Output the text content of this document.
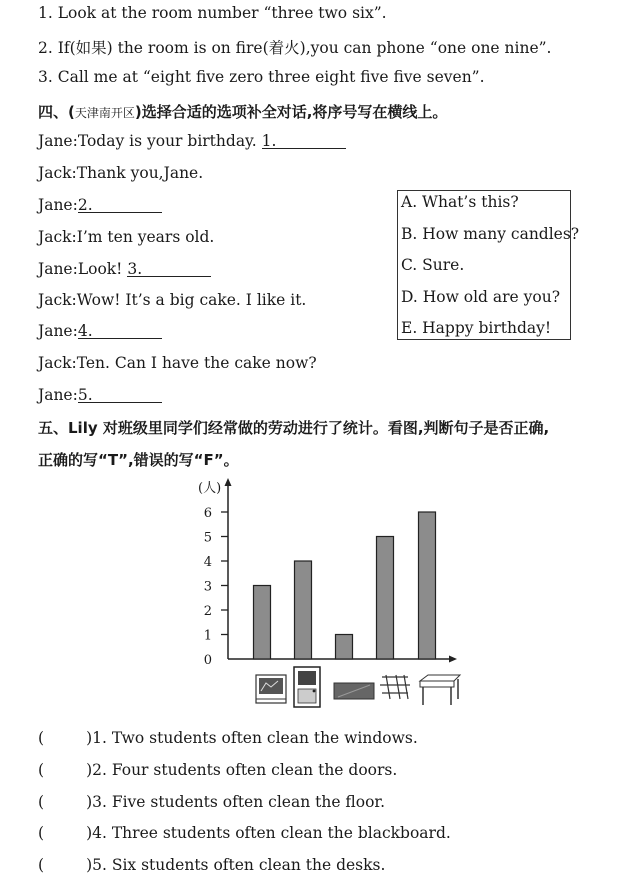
1. Look at the room number “three two six”.
2. If(如果) the room is on fire(着火),you can phone “one one nine”.
3. Call me at “eight five zero three eight five five seven”.
四、(天津南开区)选择合适的选项补全对话,将序号写在横线上。
Jane:Today is your birthday. 1.
Jack:Thank you,Jane.
Jane:2.
Jack:I’m ten years old.
Jane:Look! 3.
Jack:Wow! It’s a big cake. I like it.
Jane:4.
Jack:Ten. Can I have the cake now?
Jane:5.
A. What’s this?
B. How many candles?
C. Sure.
D. How old are you?
E. Happy birthday!
五、Lily 对班级里同学们经常做的劳动进行了统计。看图,判断句子是否正确,
正确的写“T”,错误的写“F”。
(人)
0
1
2
3
4
5
6
(	)1. Two students often clean the windows.
(	)2. Four students often clean the doors.
(	)3. Five students often clean the floor.
(	)4. Three students often clean the blackboard.
(	)5. Six students often clean the desks.
